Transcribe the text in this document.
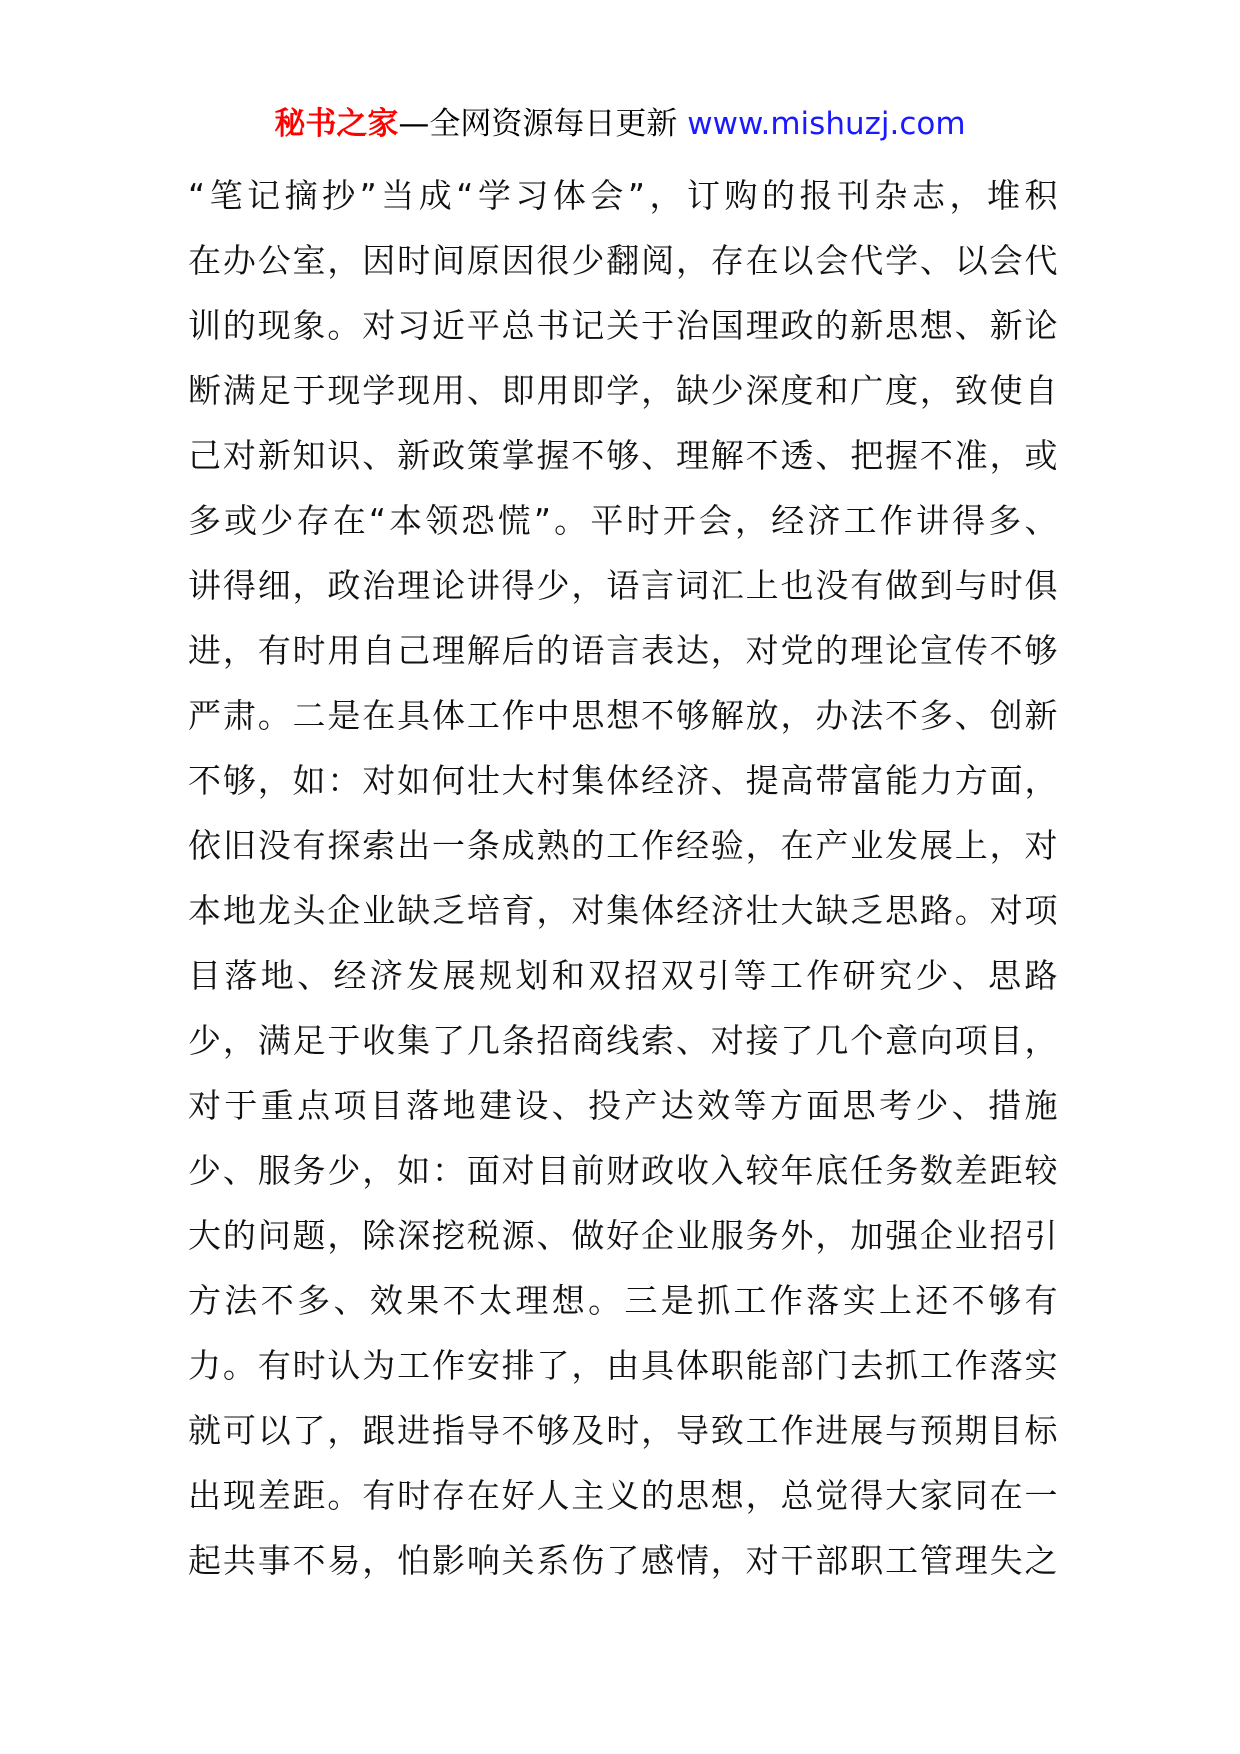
秘书之家—全网资源每日更新 www.mishuzj.com
“笔记摘抄”当成“学习体会”，订购的报刊杂志，堆积
在办公室，因时间原因很少翻阅，存在以会代学、以会代
训的现象。对习近平总书记关于治国理政的新思想、新论
断满足于现学现用、即用即学，缺少深度和广度，致使自
己对新知识、新政策掌握不够、理解不透、把握不准，或
多或少存在“本领恐慌”。平时开会，经济工作讲得多、
讲得细，政治理论讲得少，语言词汇上也没有做到与时俱
进，有时用自己理解后的语言表达，对党的理论宣传不够
严肃。二是在具体工作中思想不够解放，办法不多、创新
不够，如：对如何壮大村集体经济、提高带富能力方面，
依旧没有探索出一条成熟的工作经验，在产业发展上，对
本地龙头企业缺乏培育，对集体经济壮大缺乏思路。对项
目落地、经济发展规划和双招双引等工作研究少、思路
少，满足于收集了几条招商线索、对接了几个意向项目，
对于重点项目落地建设、投产达效等方面思考少、措施
少、服务少，如：面对目前财政收入较年底任务数差距较
大的问题，除深挖税源、做好企业服务外，加强企业招引
方法不多、效果不太理想。三是抓工作落实上还不够有
力。有时认为工作安排了，由具体职能部门去抓工作落实
就可以了，跟进指导不够及时，导致工作进展与预期目标
出现差距。有时存在好人主义的思想，总觉得大家同在一
起共事不易，怕影响关系伤了感情，对干部职工管理失之
